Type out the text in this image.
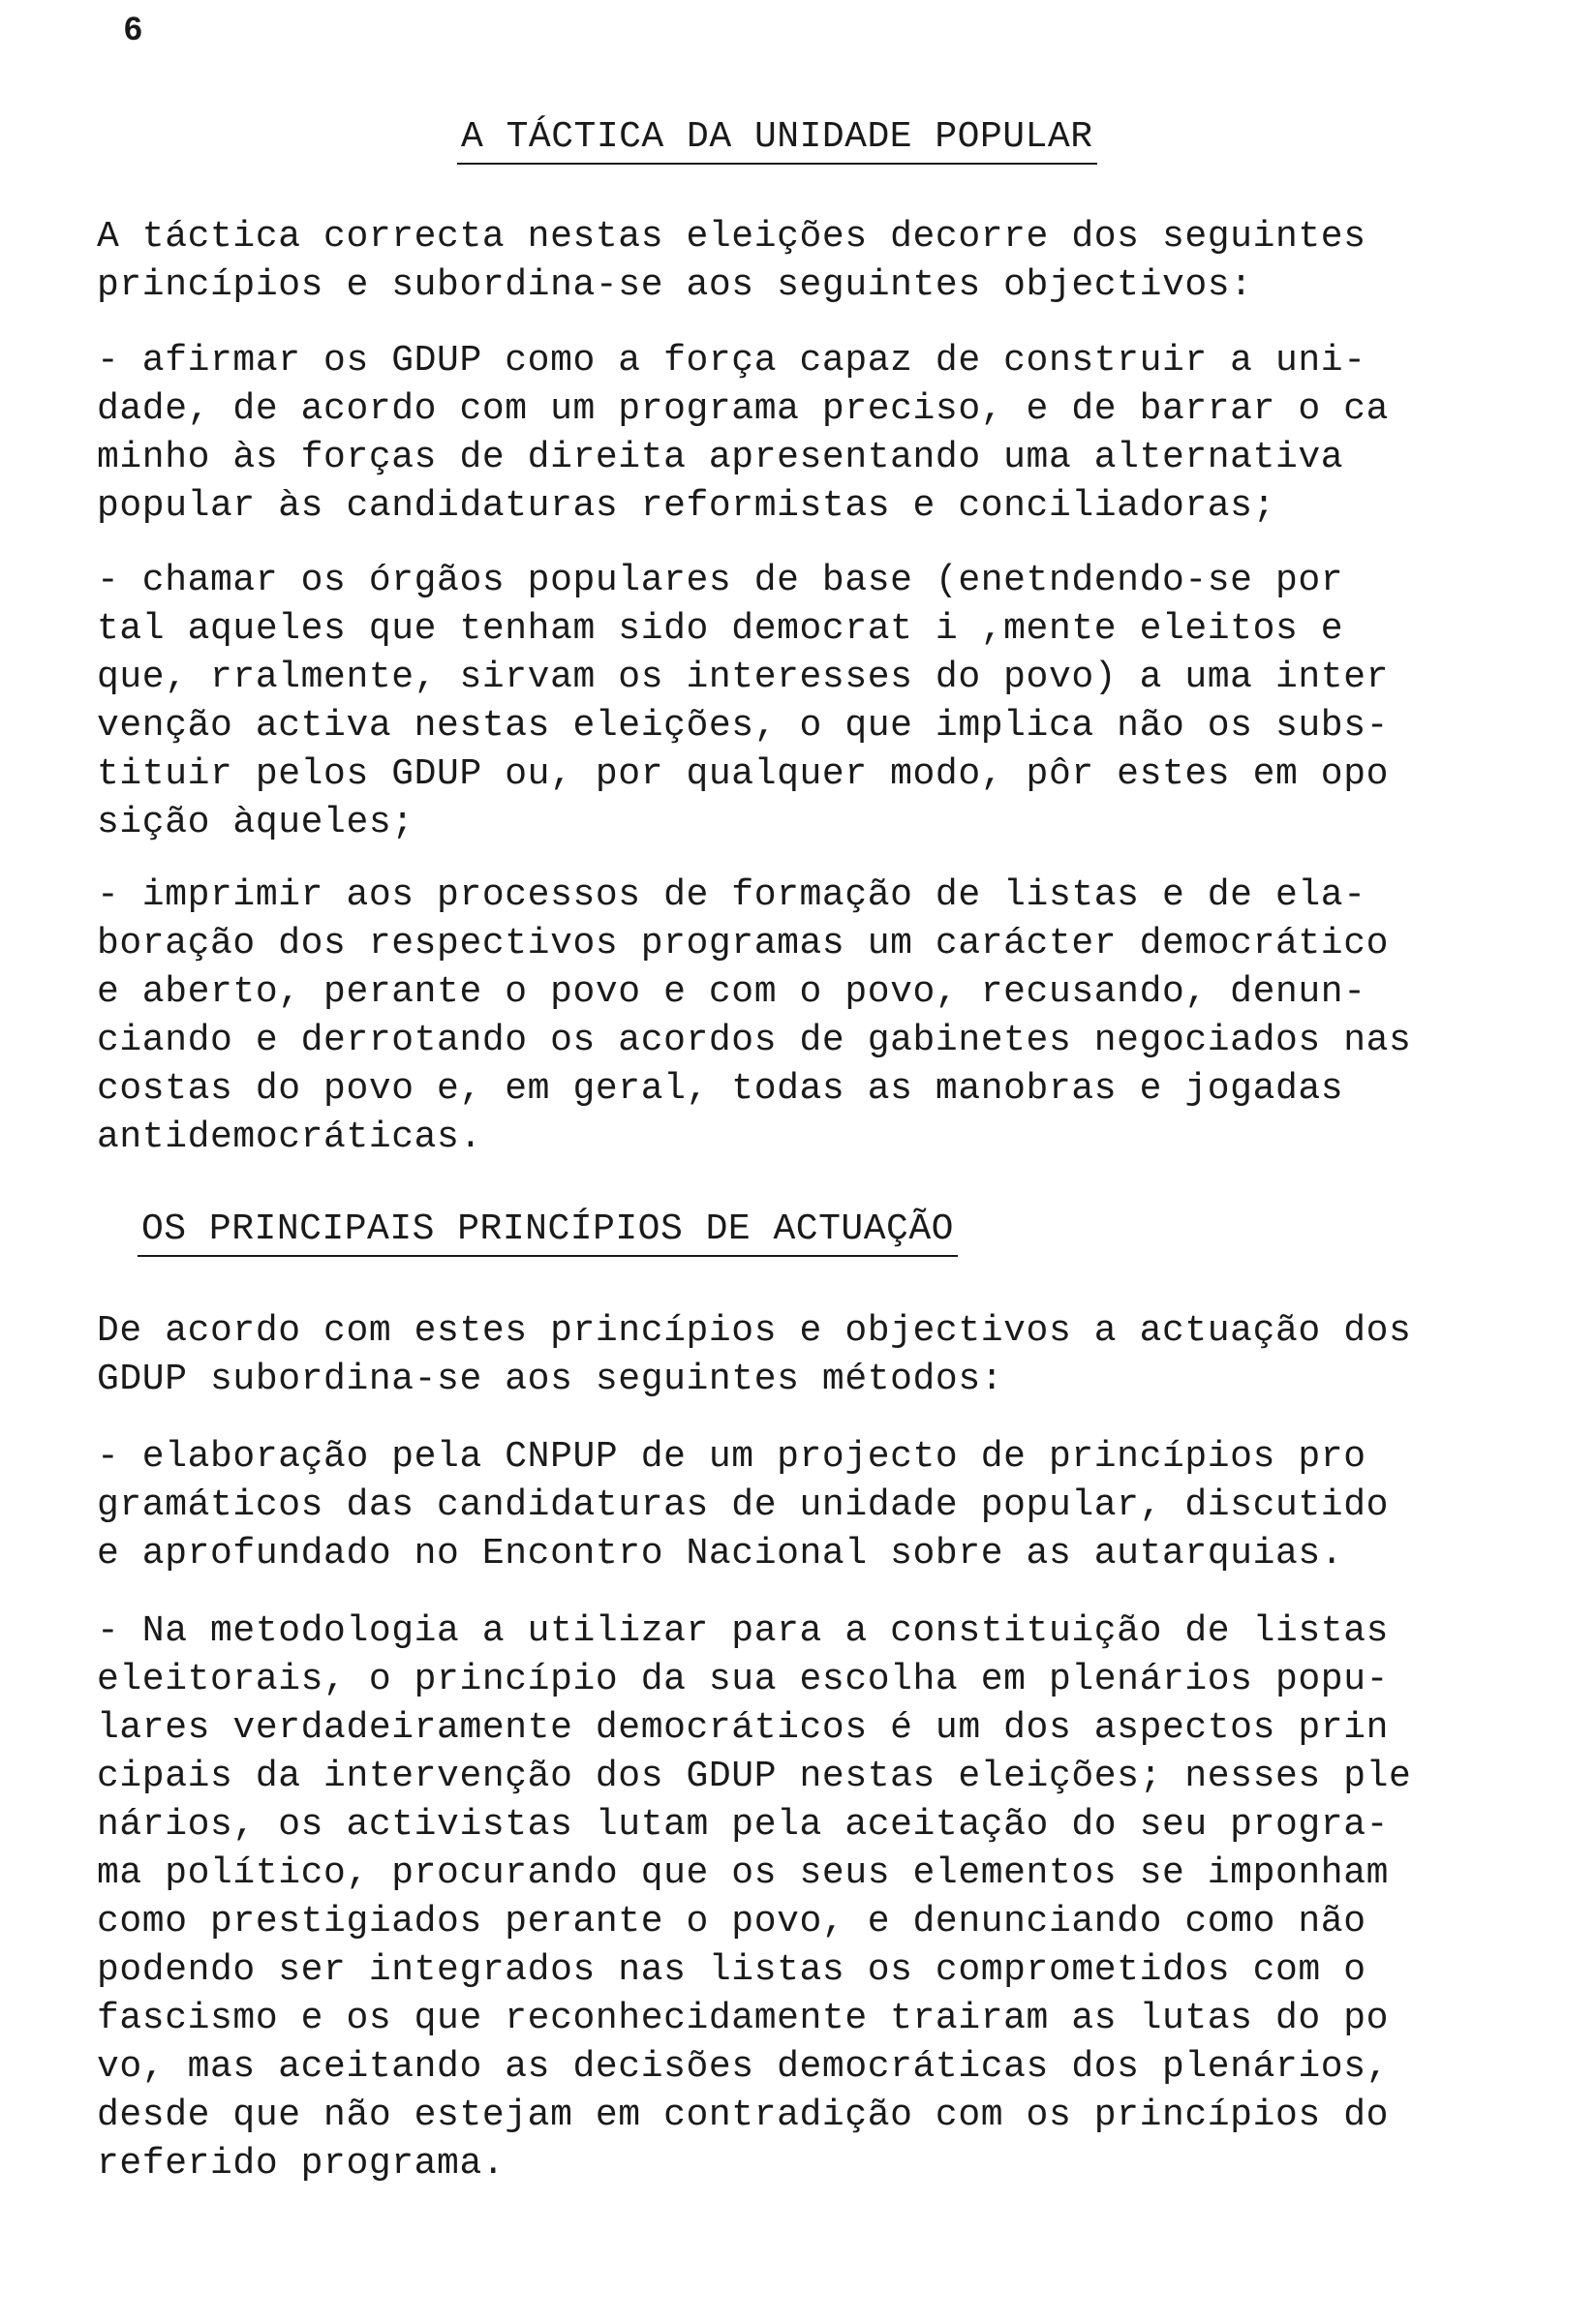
6
A TÁCTICA DA UNIDADE POPULAR

A táctica correcta nestas eleições decorre dos seguintes
princípios e subordina-se aos seguintes objectivos:

- afirmar os GDUP como a força capaz de construir a uni-
dade, de acordo com um programa preciso, e de barrar o ca
minho às forças de direita apresentando uma alternativa
popular às candidaturas reformistas e conciliadoras;

- chamar os órgãos populares de base (enetndendo-se por
tal aqueles que tenham sido democrat i ,mente eleitos e
que, rralmente, sirvam os interesses do povo) a uma inter
venção activa nestas eleições, o que implica não os subs-
tituir pelos GDUP ou, por qualquer modo, pôr estes em opo
sição àqueles;

- imprimir aos processos de formação de listas e de ela-
boração dos respectivos programas um carácter democrático
e aberto, perante o povo e com o povo, recusando, denun-
ciando e derrotando os acordos de gabinetes negociados nas
costas do povo e, em geral, todas as manobras e jogadas
antidemocráticas.

OS PRINCIPAIS PRINCÍPIOS DE ACTUAÇÃO

De acordo com estes princípios e objectivos a actuação dos
GDUP subordina-se aos seguintes métodos:

- elaboração pela CNPUP de um projecto de princípios pro
gramáticos das candidaturas de unidade popular, discutido
e aprofundado no Encontro Nacional sobre as autarquias.

- Na metodologia a utilizar para a constituição de listas
eleitorais, o princípio da sua escolha em plenários popu-
lares verdadeiramente democráticos é um dos aspectos prin
cipais da intervenção dos GDUP nestas eleições; nesses ple
nários, os activistas lutam pela aceitação do seu progra-
ma político, procurando que os seus elementos se imponham
como prestigiados perante o povo, e denunciando como não
podendo ser integrados nas listas os comprometidos com o
fascismo e os que reconhecidamente trairam as lutas do po
vo, mas aceitando as decisões democráticas dos plenários,
desde que não estejam em contradição com os princípios do
referido programa.
